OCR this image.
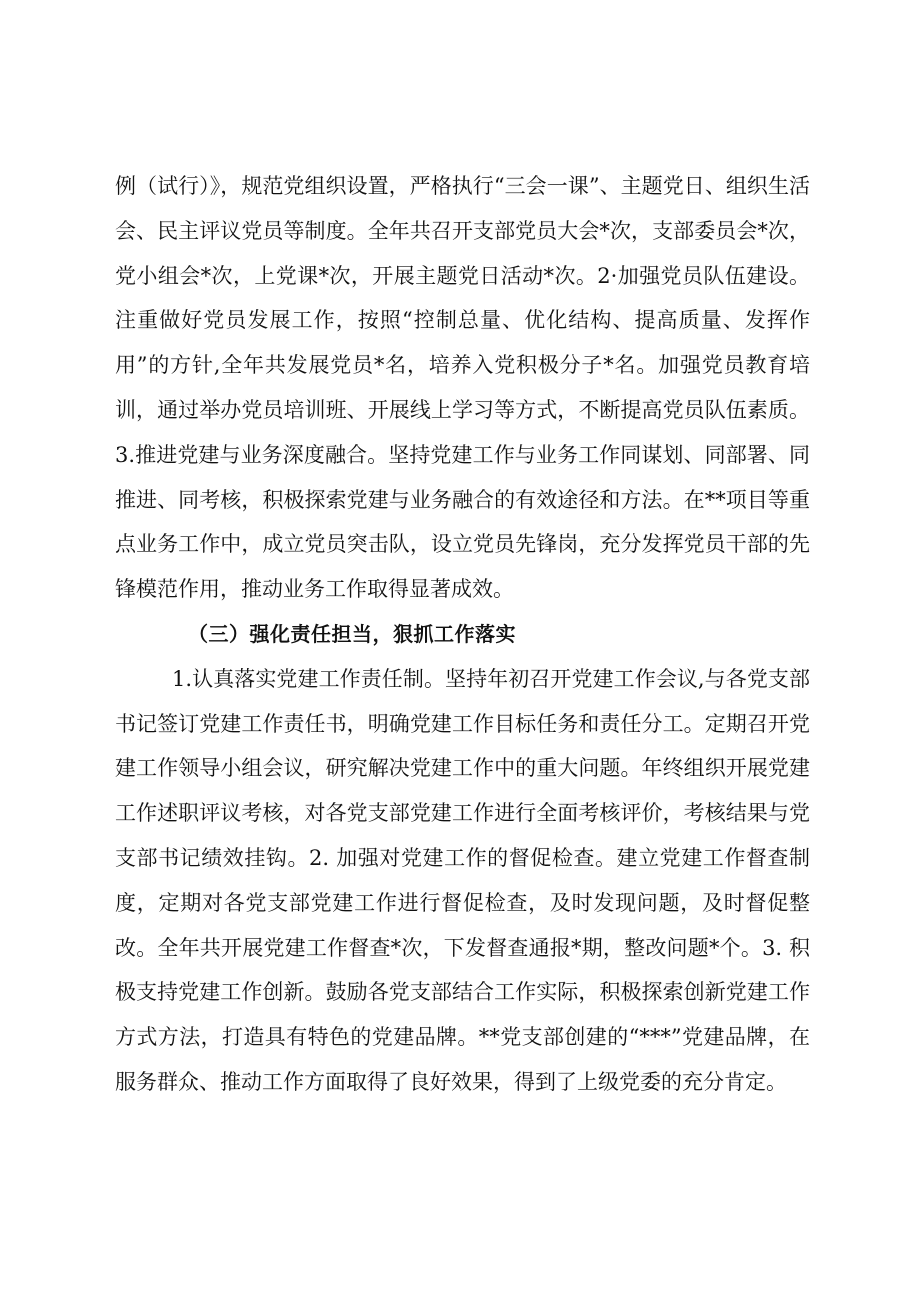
例（试行）》，规范党组织设置，严格执行“三会一课”、主题党日、组织生活会、民主评议党员等制度。全年共召开支部党员大会*次，支部委员会*次，党小组会*次，上党课*次，开展主题党日活动*次。2·加强党员队伍建设。注重做好党员发展工作，按照“控制总量、优化结构、提高质量、发挥作用”的方针,全年共发展党员*名，培养入党积极分子*名。加强党员教育培训，通过举办党员培训班、开展线上学习等方式，不断提高党员队伍素质。3.推进党建与业务深度融合。坚持党建工作与业务工作同谋划、同部署、同推进、同考核，积极探索党建与业务融合的有效途径和方法。在**项目等重点业务工作中，成立党员突击队，设立党员先锋岗，充分发挥党员干部的先锋模范作用，推动业务工作取得显著成效。

（三）强化责任担当，狠抓工作落实

1.认真落实党建工作责任制。坚持年初召开党建工作会议,与各党支部书记签订党建工作责任书，明确党建工作目标任务和责任分工。定期召开党建工作领导小组会议，研究解决党建工作中的重大问题。年终组织开展党建工作述职评议考核，对各党支部党建工作进行全面考核评价，考核结果与党支部书记绩效挂钩。2. 加强对党建工作的督促检查。建立党建工作督查制度，定期对各党支部党建工作进行督促检查，及时发现问题，及时督促整改。全年共开展党建工作督查*次，下发督查通报*期，整改问题*个。3. 积极支持党建工作创新。鼓励各党支部结合工作实际，积极探索创新党建工作方式方法，打造具有特色的党建品牌。**党支部创建的“***”党建品牌，在服务群众、推动工作方面取得了良好效果，得到了上级党委的充分肯定。
